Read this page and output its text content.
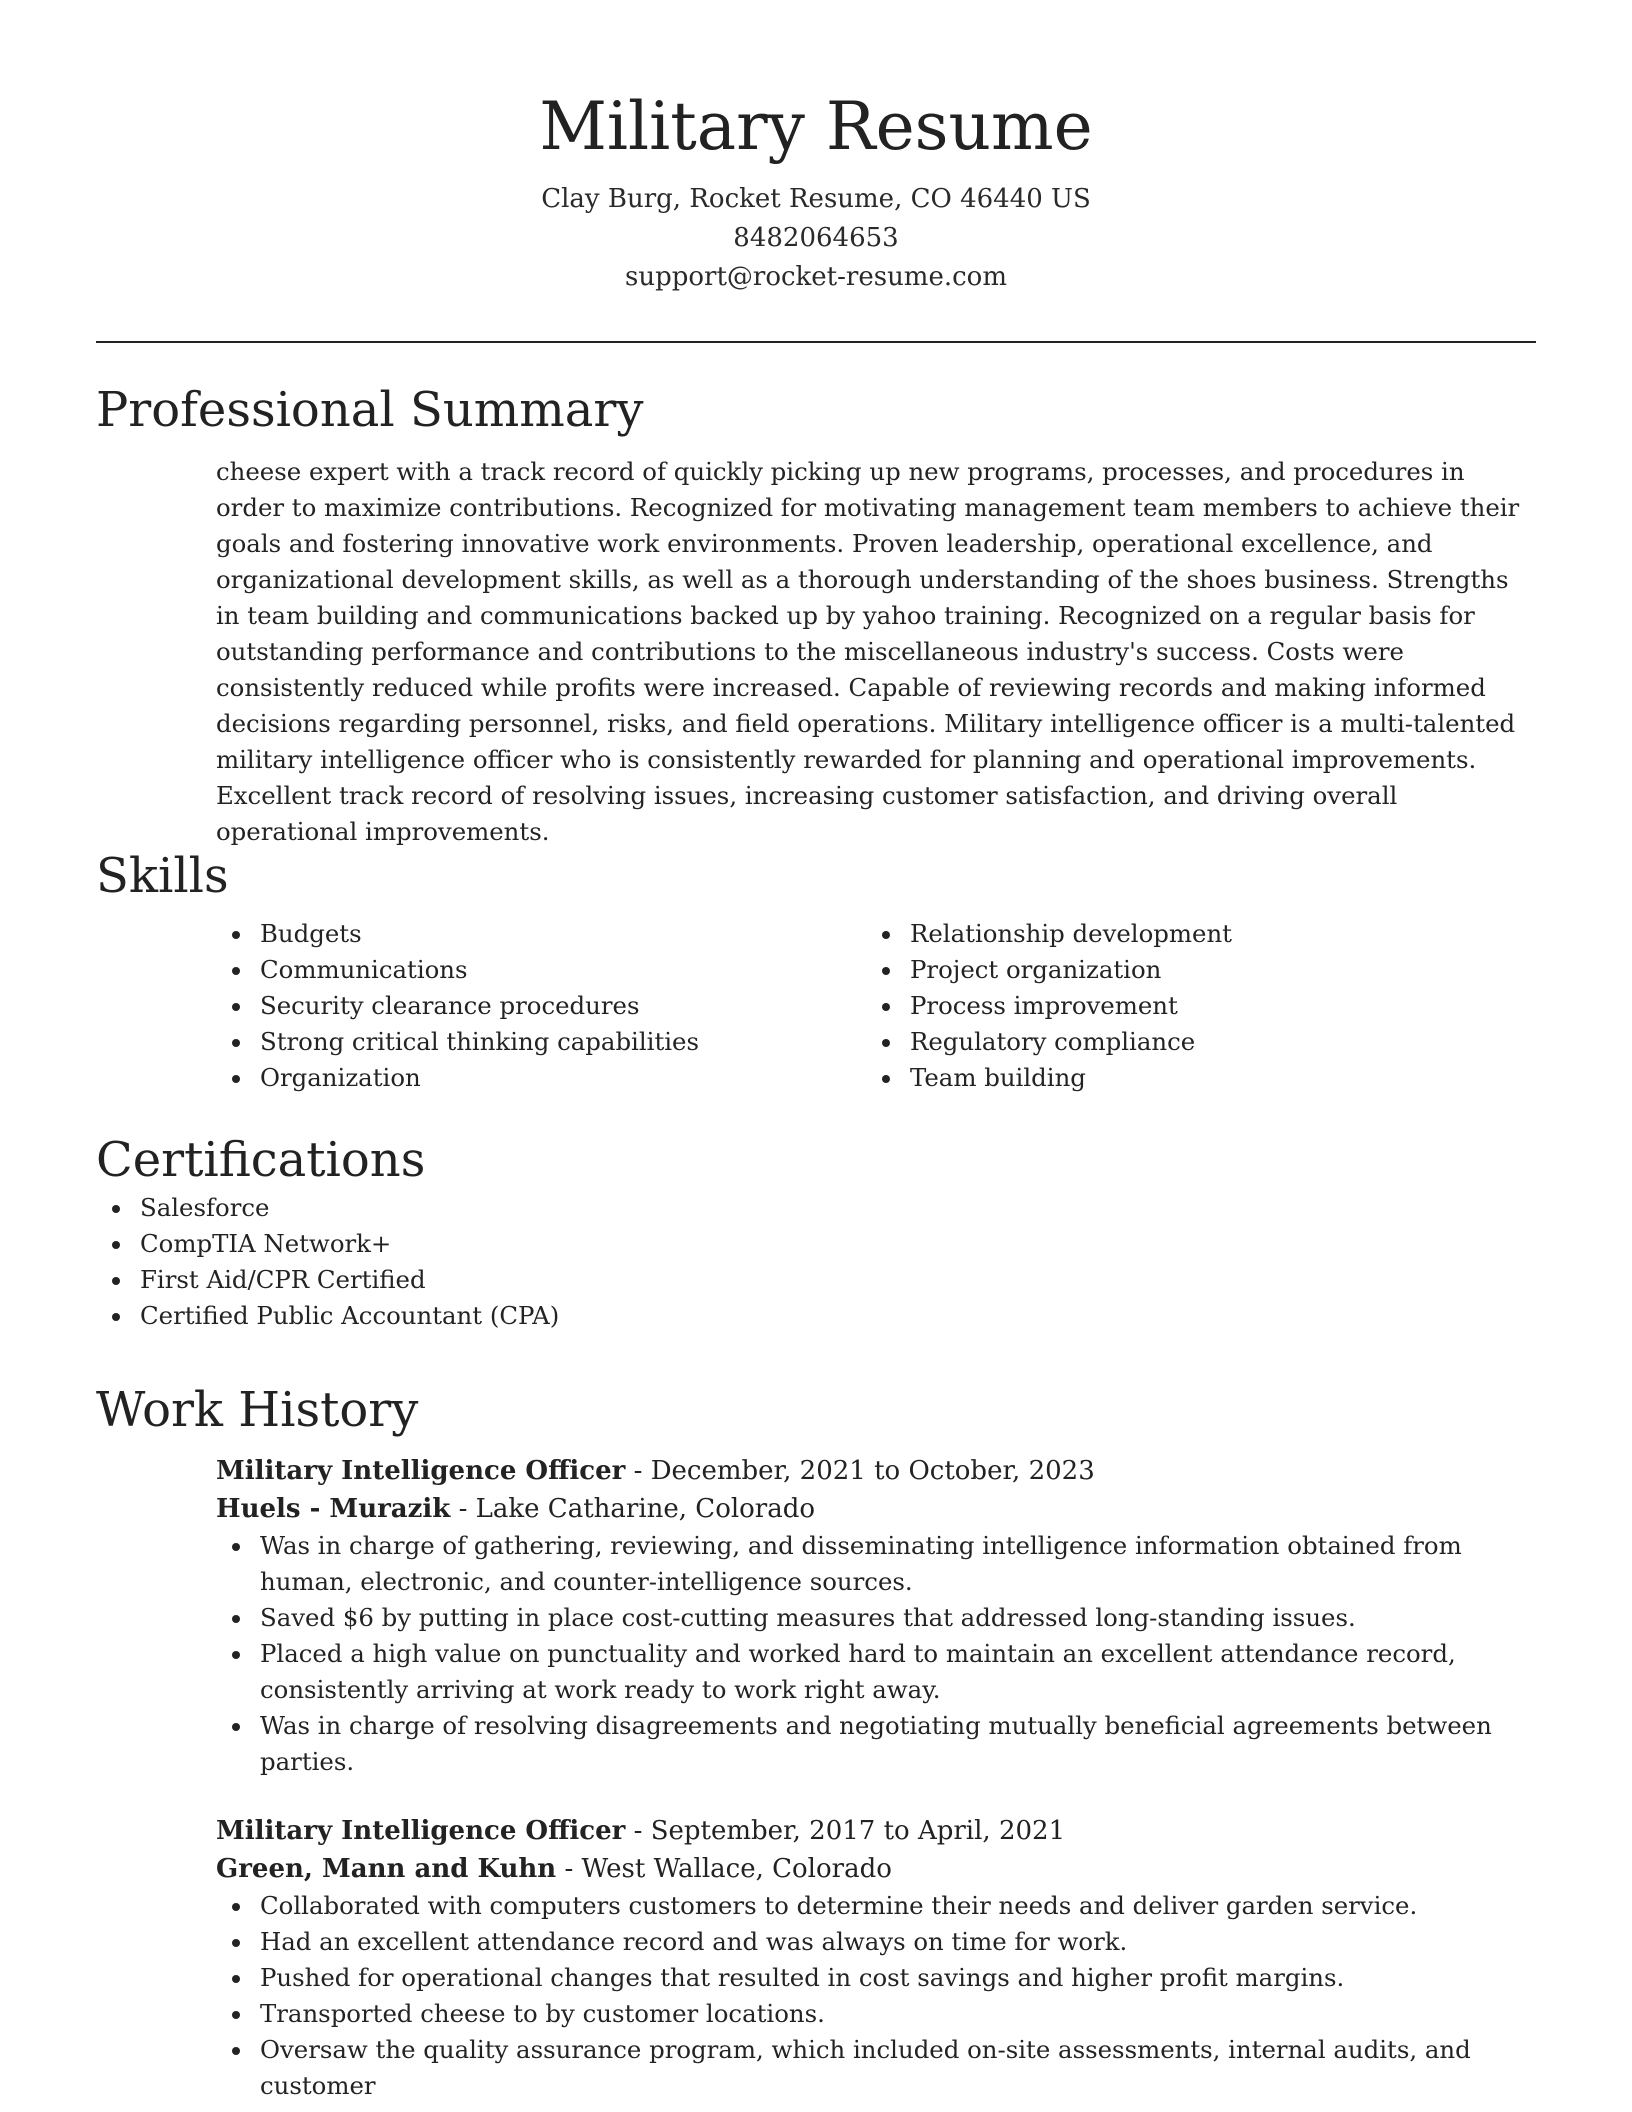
Military Resume
Clay Burg, Rocket Resume, CO 46440 US
8482064653
support@rocket-resume.com
Professional Summary
cheese expert with a track record of quickly picking up new programs, processes, and procedures in order to maximize contributions. Recognized for motivating management team members to achieve their goals and fostering innovative work environments. Proven leadership, operational excellence, and organizational development skills, as well as a thorough understanding of the shoes business. Strengths in team building and communications backed up by yahoo training. Recognized on a regular basis for outstanding performance and contributions to the miscellaneous industry's success. Costs were consistently reduced while profits were increased. Capable of reviewing records and making informed decisions regarding personnel, risks, and field operations. Military intelligence officer is a multi-talented military intelligence officer who is consistently rewarded for planning and operational improvements. Excellent track record of resolving issues, increasing customer satisfaction, and driving overall operational improvements.
Skills
Budgets
Communications
Security clearance procedures
Strong critical thinking capabilities
Organization
Relationship development
Project organization
Process improvement
Regulatory compliance
Team building
Certifications
Salesforce
CompTIA Network+
First Aid/CPR Certified
Certified Public Accountant (CPA)
Work History
Military Intelligence Officer - December, 2021 to October, 2023
Huels - Murazik - Lake Catharine, Colorado
Was in charge of gathering, reviewing, and disseminating intelligence information obtained from human, electronic, and counter-intelligence sources.
Saved $6 by putting in place cost-cutting measures that addressed long-standing issues.
Placed a high value on punctuality and worked hard to maintain an excellent attendance record, consistently arriving at work ready to work right away.
Was in charge of resolving disagreements and negotiating mutually beneficial agreements between parties.
Military Intelligence Officer - September, 2017 to April, 2021
Green, Mann and Kuhn - West Wallace, Colorado
Collaborated with computers customers to determine their needs and deliver garden service.
Had an excellent attendance record and was always on time for work.
Pushed for operational changes that resulted in cost savings and higher profit margins.
Transported cheese to by customer locations.
Oversaw the quality assurance program, which included on-site assessments, internal audits, and customer
